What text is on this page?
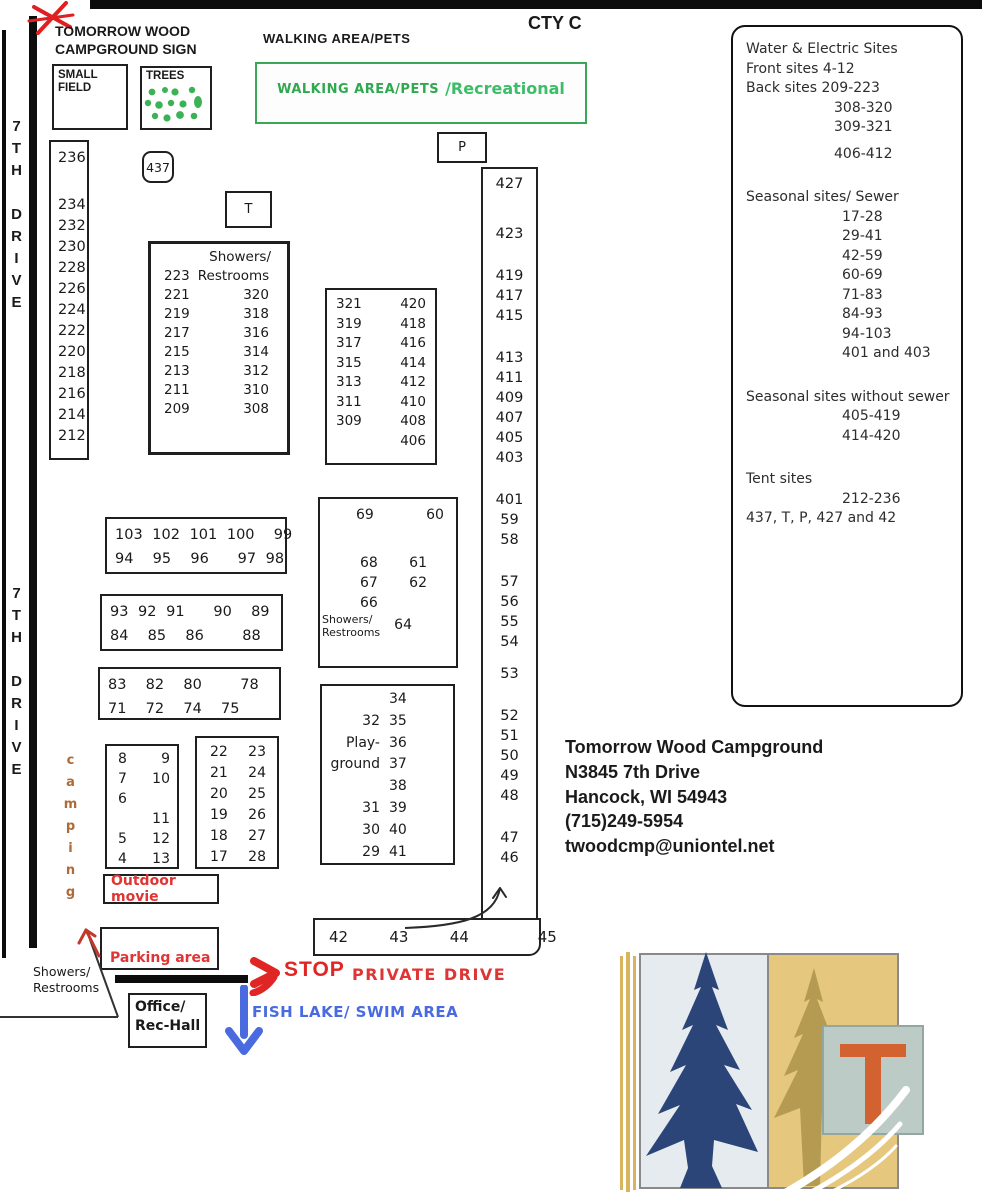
7TH DRIVE
7TH DRIVE
TOMORROW WOOD
CAMPGROUND SIGN
WALKING AREA/PETS
CTY C
SMALL FIELD
TREES
WALKING AREA/PETS /Recreational
P
T
437
236
234
232
230
228
226
224
222
220
218
216
214
212
Showers/
223 Restrooms
221	320
219	318
217	316
215	314
213	312
211	310
209	308
321	420
319	418
317	416
315	414
313	412
311	410
309	408
406
427
423
419
417
415
413
411
409
407
405
403
401
59
58
57
56
55
54
53
52
51
50
49
48
47
46
42   43   44     45
103 102 101 100  99
94  95  96   97 98
93 92 91   90  89
84  85  86    88
83  82  80    78
71  72  74  75
69     60
68   61
67   62
66
Showers/
Restrooms 64
34
32 35
Play- 36
ground 37
38
31 39
30 40
29 41
8 9
7 10
6
11
5 12
4 13
22 23
21 24
20 25
19 26
18 27
17 28
camping	Outdoor movie
Parking area
Showers/
Restrooms
STOP PRIVATE DRIVE
Office/
Rec-Hall
FISH LAKE/ SWIM AREA
Water & Electric Sites
Front sites 4-12
Back sites 209-223
308-320
309-321
406-412
Seasonal sites/ Sewer
17-28
29-41
42-59
60-69
71-83
84-93
94-103
401 and 403
Seasonal sites without sewer
405-419
414-420
Tent sites
212-236
437, T, P, 427 and 42
Tomorrow Wood Campground
N3845 7th Drive
Hancock, WI 54943
(715)249-5954
twoodcmp@uniontel.net
